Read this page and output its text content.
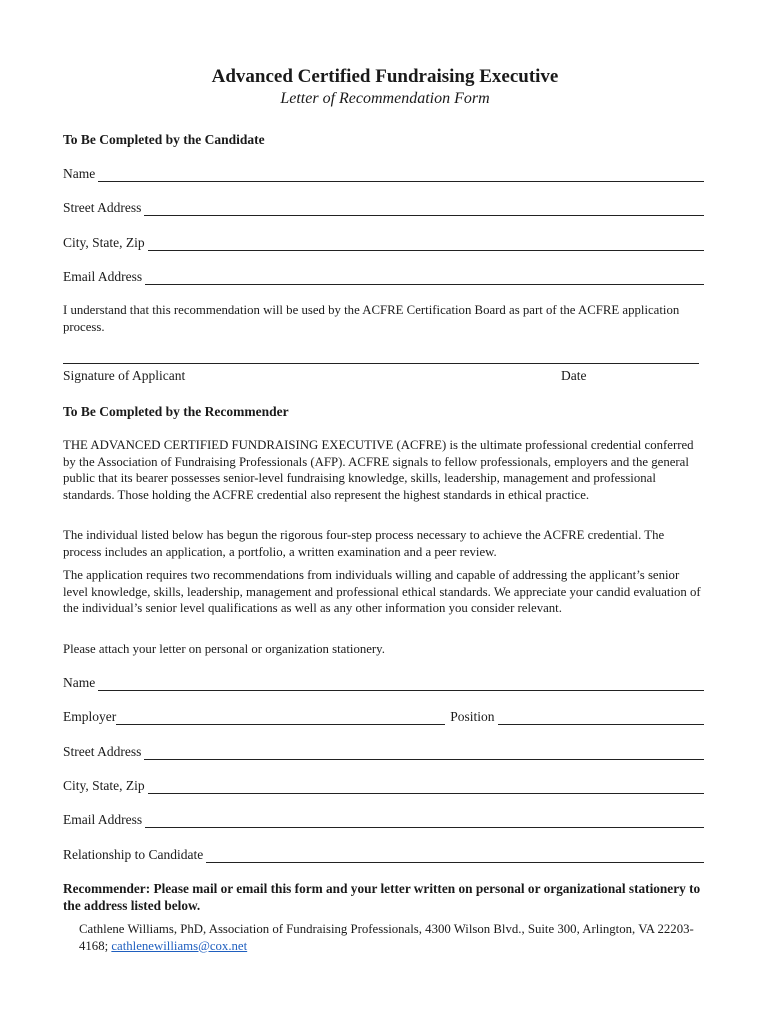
Advanced Certified Fundraising Executive
Letter of Recommendation Form
To Be Completed by the Candidate
Name
Street Address
City, State, Zip
Email Address

I understand that this recommendation will be used by the ACFRE Certification Board as part of the ACFRE application process.

Signature of Applicant	Date
To Be Completed by the Recommender

THE ADVANCED CERTIFIED FUNDRAISING EXECUTIVE (ACFRE) is the ultimate professional credential conferred by the Association of Fundraising Professionals (AFP). ACFRE signals to fellow professionals, employers and the general public that its bearer possesses senior-level fundraising knowledge, skills, leadership, management and professional standards. Those holding the ACFRE credential also represent the highest standards in ethical practice.

The individual listed below has begun the rigorous four-step process necessary to achieve the ACFRE credential. The process includes an application, a portfolio, a written examination and a peer review.

The application requires two recommendations from individuals willing and capable of addressing the applicant’s senior level knowledge, skills, leadership, management and professional ethical standards. We appreciate your candid evaluation of the individual’s senior level qualifications as well as any other information you consider relevant.

Please attach your letter on personal or organization stationery.

Name
Employer	Position
Street Address
City, State, Zip
Email Address
Relationship to Candidate

Recommender: Please mail or email this form and your letter written on personal or organizational stationery to the address listed below.

Cathlene Williams, PhD, Association of Fundraising Professionals, 4300 Wilson Blvd., Suite 300, Arlington, VA 22203-4168; cathlenewilliams@cox.net
